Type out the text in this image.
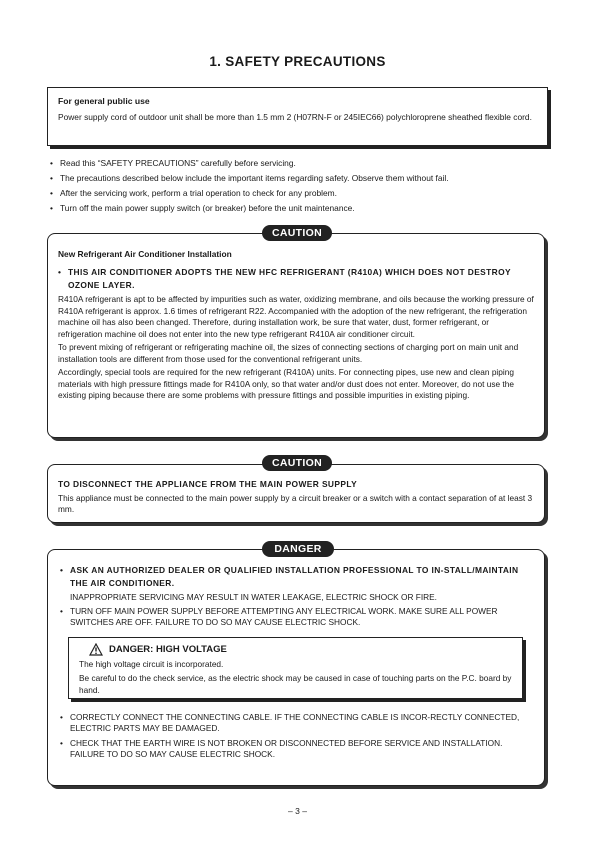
1. SAFETY PRECAUTIONS
For general public use
Power supply cord of outdoor unit shall be more than 1.5 mm 2 (H07RN-F or 245IEC66) polychloroprene sheathed flexible cord.
• Read this “SAFETY PRECAUTIONS” carefully before servicing.
• The precautions described below include the important items regarding safety. Observe them without fail.
• After the servicing work, perform a trial operation to check for any problem.
• Turn off the main power supply switch (or breaker) before the unit maintenance.
New Refrigerant Air Conditioner Installation
• THIS AIR CONDITIONER ADOPTS THE NEW HFC REFRIGERANT (R410A) WHICH DOES NOT DESTROY OZONE LAYER.
R410A refrigerant is apt to be affected by impurities such as water, oxidizing membrane, and oils because the working pressure of R410A refrigerant is approx. 1.6 times of refrigerant R22. Accompanied with the adoption of the new refrigerant, the refrigeration machine oil has also been changed. Therefore, during installation work, be sure that water, dust, former refrigerant, or refrigeration machine oil does not enter into the new type refrigerant R410A air conditioner circuit.
To prevent mixing of refrigerant or refrigerating machine oil, the sizes of connecting sections of charging port on main unit and installation tools are different from those used for the conventional refrigerant units.
Accordingly, special tools are required for the new refrigerant (R410A) units. For connecting pipes, use new and clean piping materials with high pressure fittings made for R410A only, so that water and/or dust does not enter. Moreover, do not use the existing piping because there are some problems with pressure fittings and possible impurities in existing piping.
CAUTION
TO DISCONNECT THE APPLIANCE FROM THE MAIN POWER SUPPLY
This appliance must be connected to the main power supply by a circuit breaker or a switch with a contact separation of at least 3 mm.
CAUTION
• ASK AN AUTHORIZED DEALER OR QUALIFIED INSTALLATION PROFESSIONAL TO IN-STALL/MAINTAIN THE AIR CONDITIONER.
INAPPROPRIATE SERVICING MAY RESULT IN WATER LEAKAGE, ELECTRIC SHOCK OR FIRE.
• TURN OFF MAIN POWER SUPPLY BEFORE ATTEMPTING ANY ELECTRICAL WORK. MAKE SURE ALL POWER SWITCHES ARE OFF. FAILURE TO DO SO MAY CAUSE ELECTRIC SHOCK.
DANGER: HIGH VOLTAGE
The high voltage circuit is incorporated.
Be careful to do the check service, as the electric shock may be caused in case of touching parts on the P.C. board by hand.
• CORRECTLY CONNECT THE CONNECTING CABLE. IF THE CONNECTING CABLE IS INCOR-RECTLY CONNECTED, ELECTRIC PARTS MAY BE DAMAGED.
• CHECK THAT THE EARTH WIRE IS NOT BROKEN OR DISCONNECTED BEFORE SERVICE AND INSTALLATION. FAILURE TO DO SO MAY CAUSE ELECTRIC SHOCK.
DANGER
– 3 –
